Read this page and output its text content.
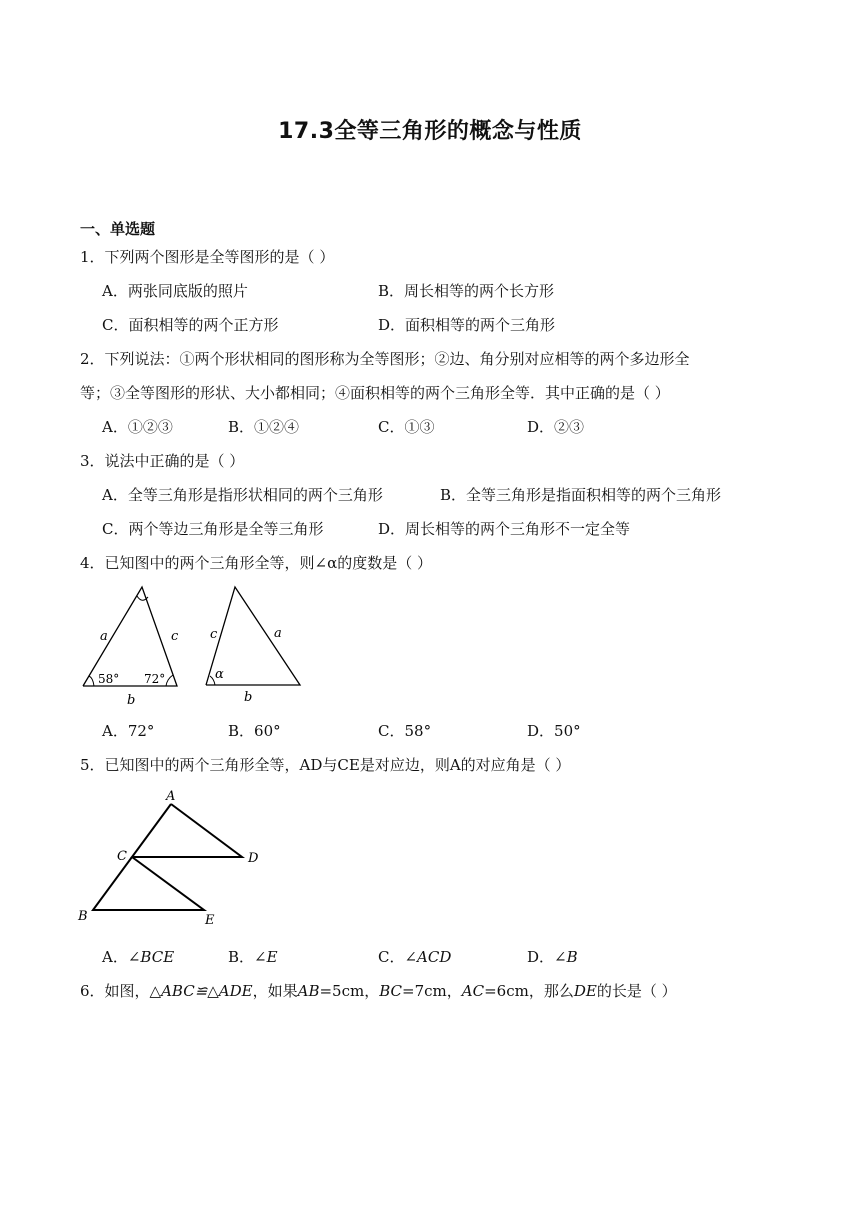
17.3全等三角形的概念与性质
一、单选题
1．下列两个图形是全等图形的是（ ）
A．两张同底版的照片	B．周长相等的两个长方形
C．面积相等的两个正方形	D．面积相等的两个三角形
2．下列说法：①两个形状相同的图形称为全等图形；②边、角分别对应相等的两个多边形全
等；③全等图形的形状、大小都相同；④面积相等的两个三角形全等．其中正确的是（ ）
A．①②③	B．①②④	C．①③	D．②③
3．说法中正确的是（ ）
A．全等三角形是指形状相同的两个三角形	B．全等三角形是指面积相等的两个三角形
C．两个等边三角形是全等三角形	D．周长相等的两个三角形不一定全等
4．已知图中的两个三角形全等，则∠α的度数是（ ）
a	c
b
58° 72°
c	a
b
α
A．72°	B．60°	C．58°	D．50°
5．已知图中的两个三角形全等，AD与CE是对应边，则A的对应角是（ ）
A
C	D
B	E
A．∠BCE	B．∠E	C．∠ACD	D．∠B
6．如图，△ABC≌△ADE，如果AB=5cm，BC=7cm，AC=6cm，那么DE的长是（ ）
